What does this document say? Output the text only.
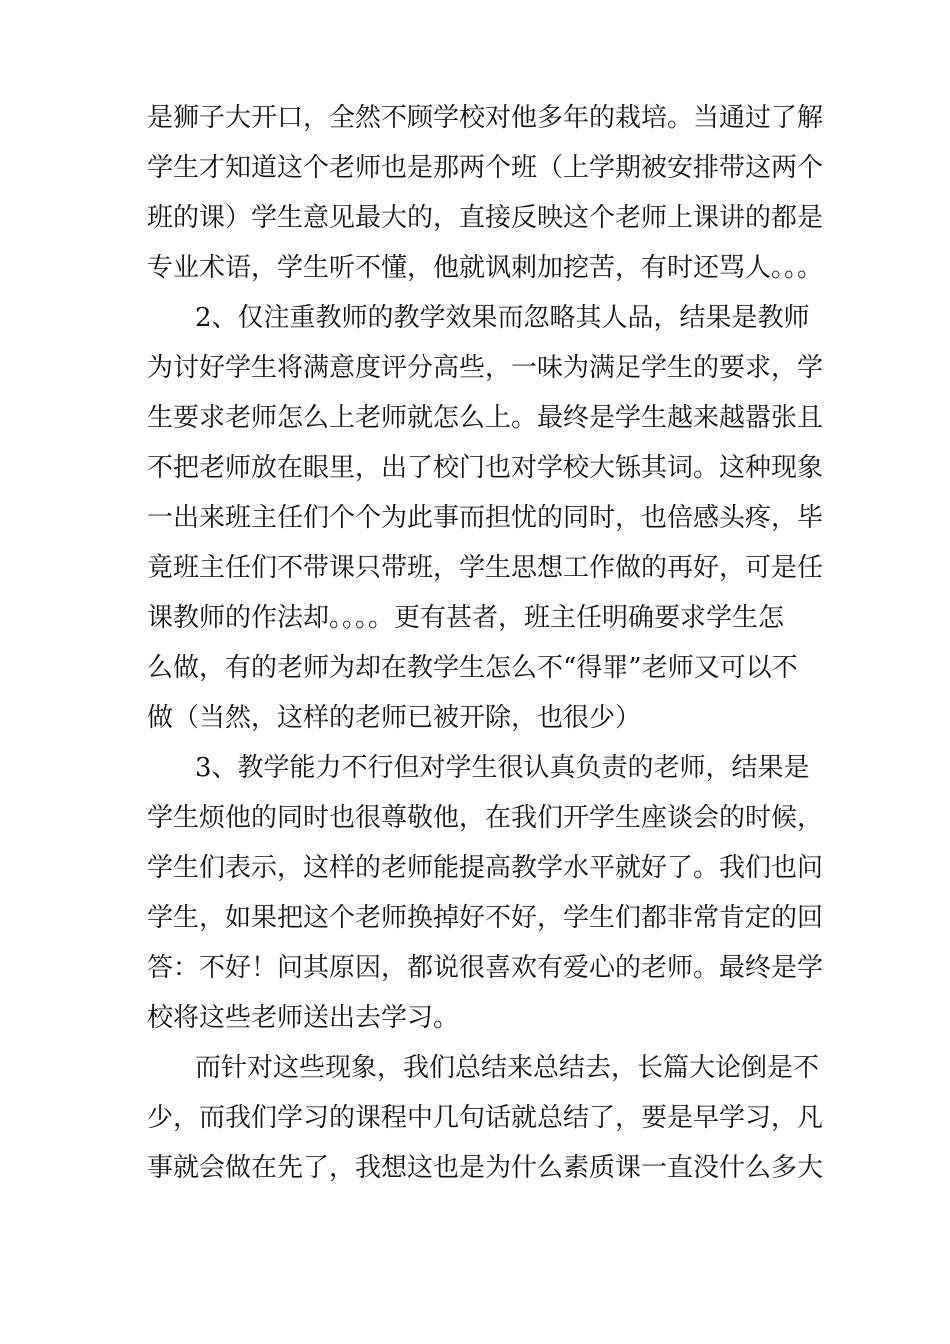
是狮子大开口，全然不顾学校对他多年的栽培。当通过了解
学生才知道这个老师也是那两个班（上学期被安排带这两个
班的课）学生意见最大的，直接反映这个老师上课讲的都是
专业术语，学生听不懂，他就讽刺加挖苦，有时还骂人。。。
2、仅注重教师的教学效果而忽略其人品，结果是教师
为讨好学生将满意度评分高些，一味为满足学生的要求，学
生要求老师怎么上老师就怎么上。最终是学生越来越嚣张且
不把老师放在眼里，出了校门也对学校大铄其词。这种现象
一出来班主任们个个为此事而担忧的同时，也倍感头疼，毕
竟班主任们不带课只带班，学生思想工作做的再好，可是任
课教师的作法却。。。。更有甚者，班主任明确要求学生怎
么做，有的老师为却在教学生怎么不“得罪”老师又可以不
做（当然，这样的老师已被开除，也很少）
3、教学能力不行但对学生很认真负责的老师，结果是
学生烦他的同时也很尊敬他，在我们开学生座谈会的时候，
学生们表示，这样的老师能提高教学水平就好了。我们也问
学生，如果把这个老师换掉好不好，学生们都非常肯定的回
答：不好！问其原因，都说很喜欢有爱心的老师。最终是学
校将这些老师送出去学习。
而针对这些现象，我们总结来总结去，长篇大论倒是不
少，而我们学习的课程中几句话就总结了，要是早学习，凡
事就会做在先了，我想这也是为什么素质课一直没什么多大
